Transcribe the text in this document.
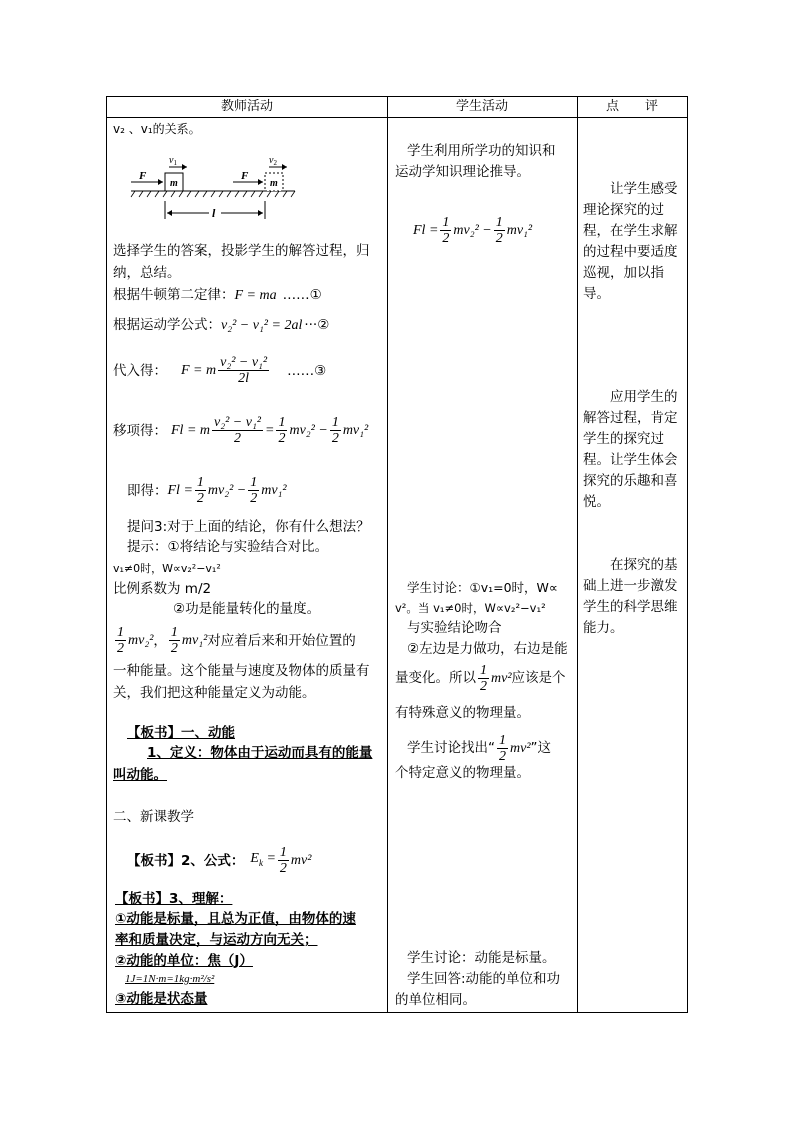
教师活动	学生活动	点　　评
v₂ 、v₁的关系。
m
F
$v_1$
m
F
$v_2$
l
选择学生的答案，投影学生的解答过程，归
纳，总结。
根据牛顿第二定律：F = ma ……①
根据运动学公式：v₂² − v₁² = 2al ···②
代入得： F = m $\frac{\text{v₂² − v₁²}}{2l}$ ……③
移项得： Fl = m $\frac{\text{v₂² − v₁²}}{2} = \frac{1}{2} mv_2^2 - \frac{1}{2} mv_1^2$
即得： $Fl = \frac{1}{2} mv_2^2 - \frac{1}{2} mv_1^2$
提问3:对于上面的结论，你有什么想法？
提示：①将结论与实验结合对比。
v₁≠0时，W∝v₂²−v₁²
比例系数为 m/2
②功是能量转化的量度。
$\frac{1}{2} mv_2^2$ ， $\frac{1}{2} mv_1^2$ 对应着后来和开始位置的
一种能量。这个能量与速度及物体的质量有
关，我们把这种能量定义为动能。
【板书】一、动能
1、定义：物体由于运动而具有的能量
叫动能。
二、新课教学
【板书】2、公式： $E_k = \frac{1}{2} mv^2$
【板书】3、理解：
①动能是标量，且总为正值，由物体的速
率和质量决定，与运动方向无关；
②动能的单位：焦（J）
1J=1N·m=1kg·m²/s²
③动能是状态量
学生利用所学功的知识和
运动学知识理论推导。
$Fl = \frac{1}{2} mv_2^2 - \frac{1}{2} mv_1^2$
学生讨论：①v₁=0时，W∝
v²。当 v₁≠0时，W∝v₂²−v₁²
与实验结论吻合
②左边是力做功，右边是能
量变化。所以 $\frac{1}{2} mv^2$ 应该是个
有特殊意义的物理量。
学生讨论找出“ $\frac{1}{2} mv^2$ ”这
个特定意义的物理量。
学生讨论：动能是标量。
学生回答:动能的单位和功
的单位相同。
让学生感受理论探究的过程，在学生求解的过程中要适度巡视，加以指导。
应用学生的解答过程，肯定学生的探究过程。让学生体会探究的乐趣和喜悦。
在探究的基础上进一步激发学生的科学思维能力。
